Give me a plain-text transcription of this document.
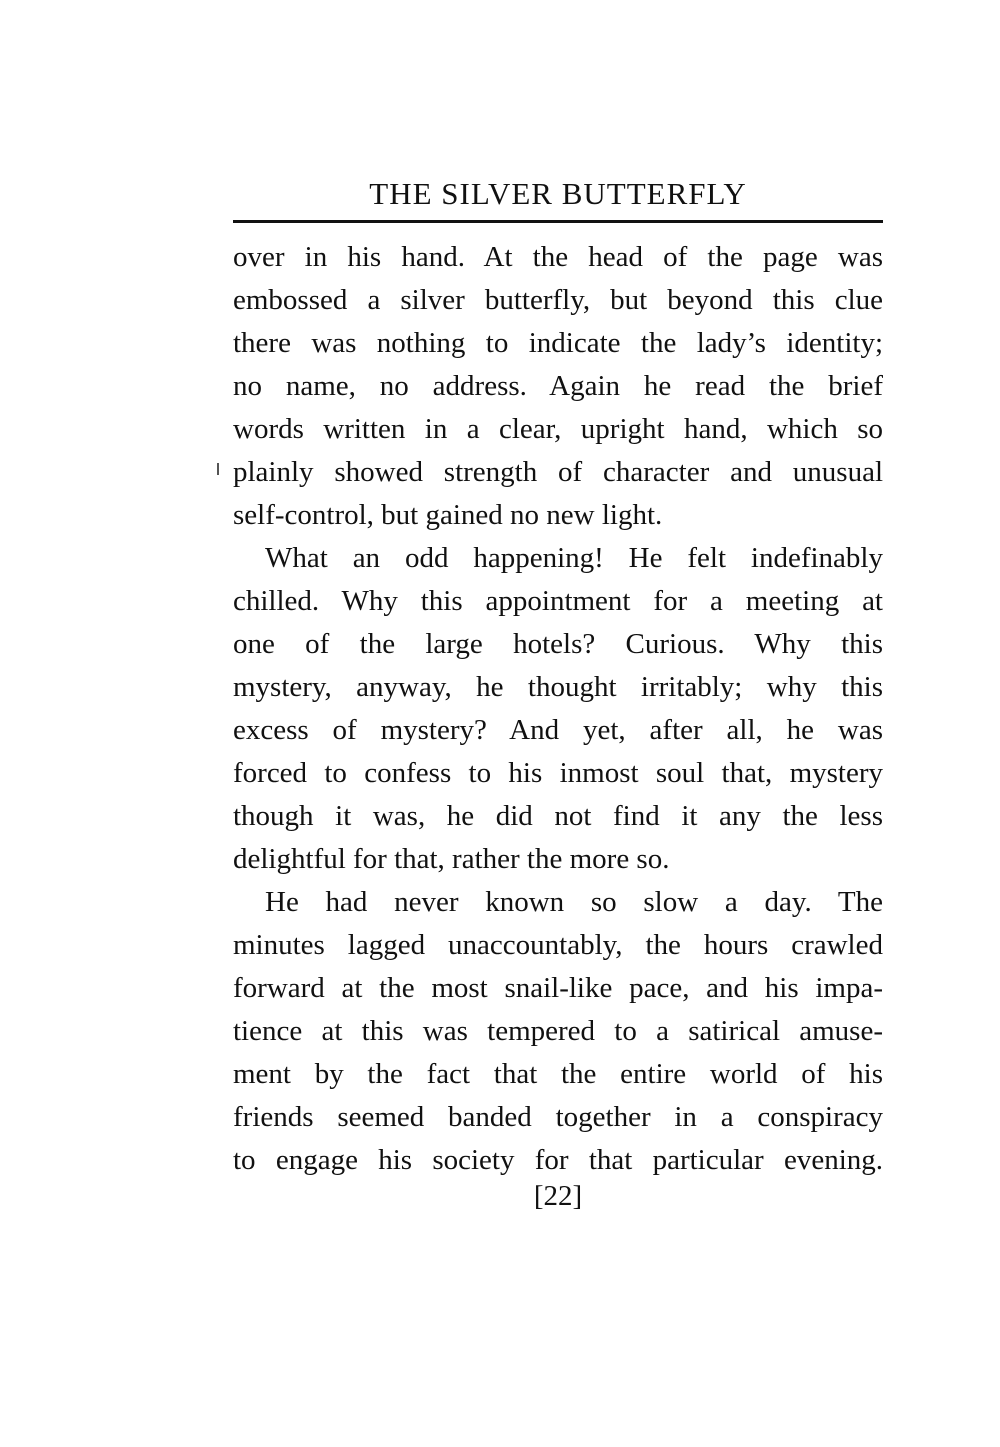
THE SILVER BUTTERFLY
over in his hand. At the head of the page was
embossed a silver butterfly, but beyond this clue
there was nothing to indicate the lady’s identity;
no name, no address. Again he read the brief
words written in a clear, upright hand, which so
plainly showed strength of character and unusual
self-control, but gained no new light.
What an odd happening! He felt indefinably
chilled. Why this appointment for a meeting at
one of the large hotels? Curious. Why this
mystery, anyway, he thought irritably; why this
excess of mystery? And yet, after all, he was
forced to confess to his inmost soul that, mystery
though it was, he did not find it any the less
delightful for that, rather the more so.
He had never known so slow a day. The
minutes lagged unaccountably, the hours crawled
forward at the most snail-like pace, and his impa-
tience at this was tempered to a satirical amuse-
ment by the fact that the entire world of his
friends seemed banded together in a conspiracy
to engage his society for that particular evening.
[22]
